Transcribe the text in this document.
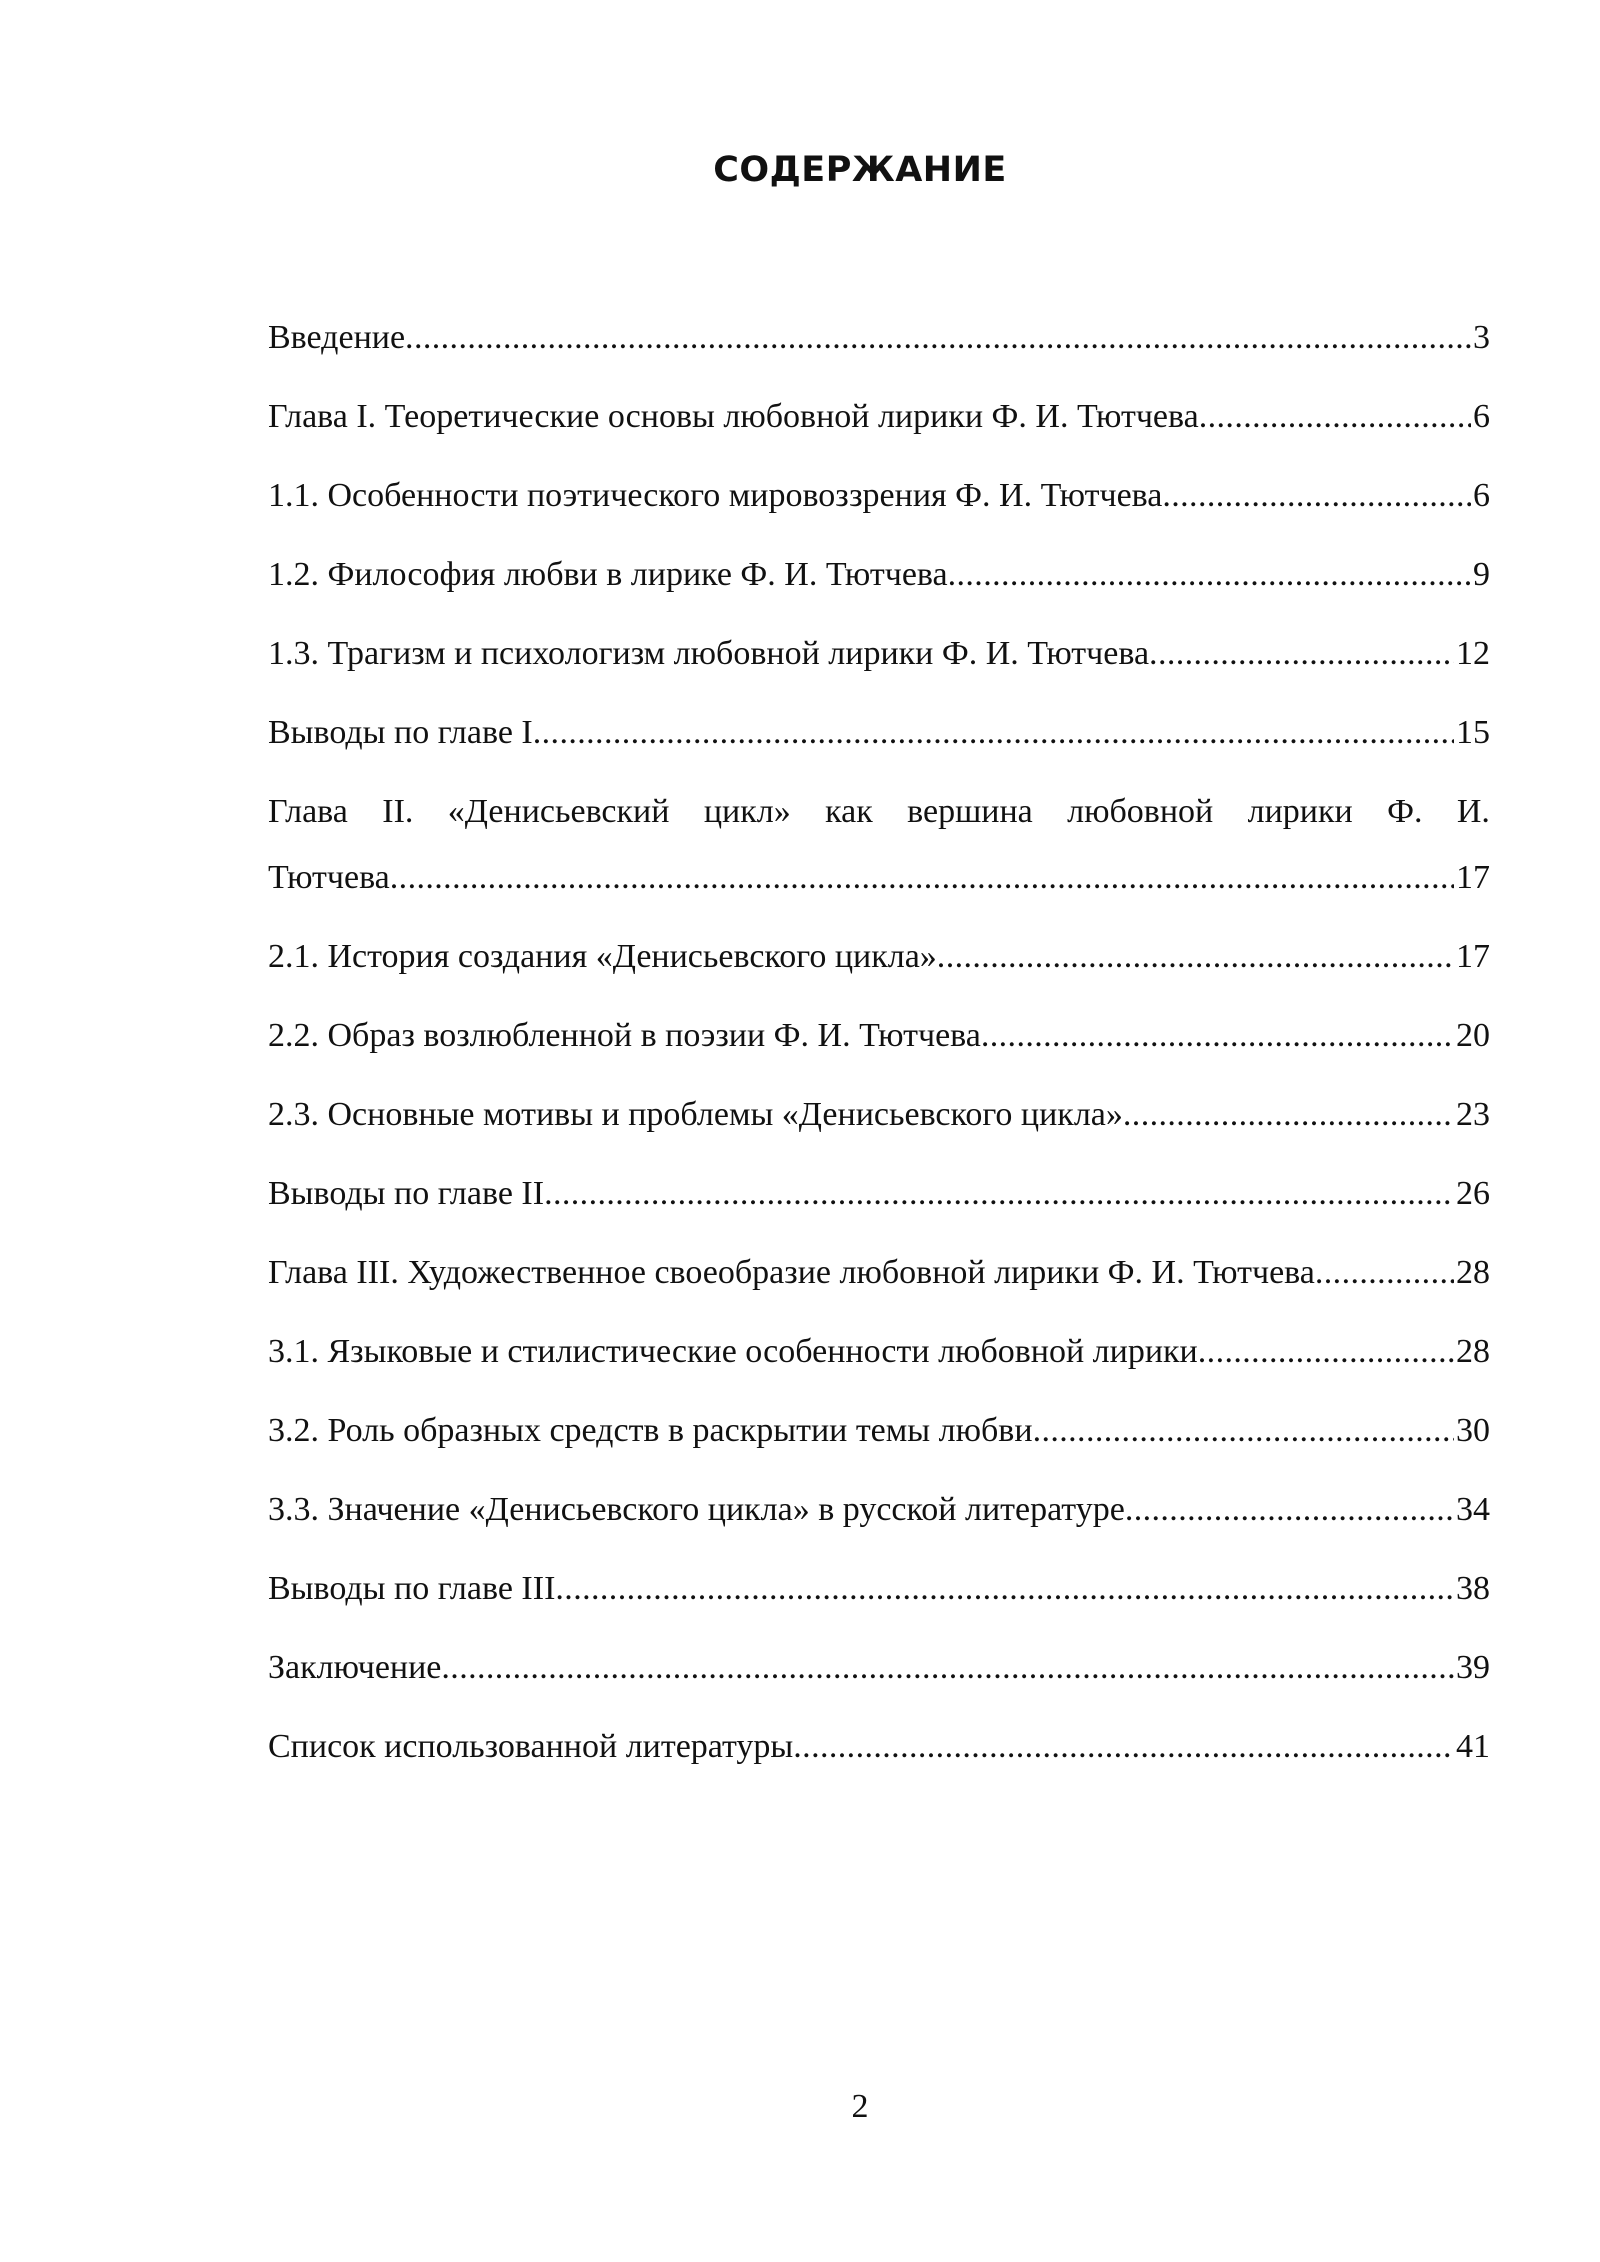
СОДЕРЖАНИЕ
Введение .....	3
Глава I. Теоретические основы любовной лирики Ф. И. Тютчева .....	6
1.1. Особенности поэтического мировоззрения Ф. И. Тютчева .....	6
1.2. Философия любви в лирике Ф. И. Тютчева .....	9
1.3. Трагизм и психологизм любовной лирики Ф. И. Тютчева .....	12
Выводы по главе I .....	15
Глава II. «Денисьевский цикл» как вершина любовной лирики Ф. И.
Тютчева .....	17
2.1. История создания «Денисьевского цикла» .....	17
2.2. Образ возлюбленной в поэзии Ф. И. Тютчева .....	20
2.3. Основные мотивы и проблемы «Денисьевского цикла» .....	23
Выводы по главе II .....	26
Глава III. Художественное своеобразие любовной лирики Ф. И. Тютчева .....	28
3.1. Языковые и стилистические особенности любовной лирики .....	28
3.2. Роль образных средств в раскрытии темы любви .....	30
3.3. Значение «Денисьевского цикла» в русской литературе .....	34
Выводы по главе III .....	38
Заключение .....	39
Список использованной литературы .....	41
2
